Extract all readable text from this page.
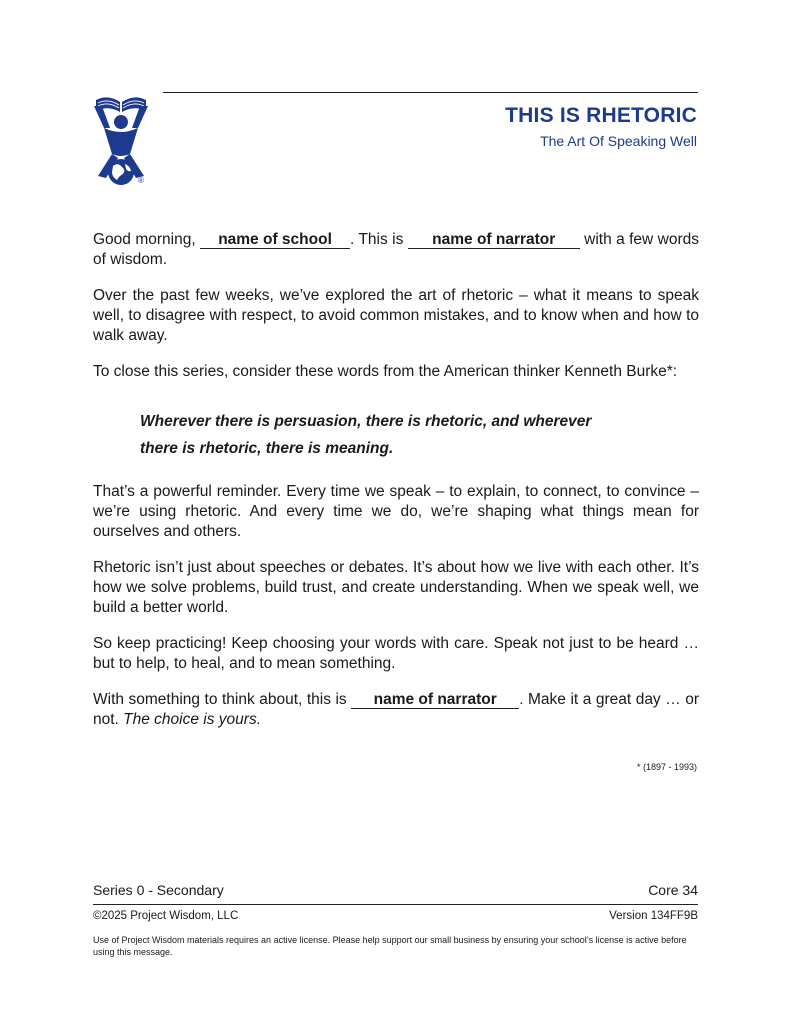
®
THIS IS RHETORIC
The Art Of Speaking Well

Good morning, name of school . This is name of narrator with a few words of wisdom.

Over the past few weeks, we’ve explored the art of rhetoric – what it means to speak well, to disagree with respect, to avoid common mistakes, and to know when and how to walk away.

To close this series, consider these words from the American thinker Kenneth Burke*:

Wherever there is persuasion, there is rhetoric, and wherever
there is rhetoric, there is meaning.

That’s a powerful reminder. Every time we speak – to explain, to connect, to convince – we’re using rhetoric. And every time we do, we’re shaping what things mean for ourselves and others.

Rhetoric isn’t just about speeches or debates. It’s about how we live with each other. It’s how we solve problems, build trust, and create understanding. When we speak well, we build a better world.

So keep practicing! Keep choosing your words with care. Speak not just to be heard … but to help, to heal, and to mean something.

With something to think about, this is name of narrator . Make it a great day … or not. The choice is yours.

* (1897 - 1993)
Series 0 - Secondary	Core 34
©2025 Project Wisdom, LLC	Version 134FF9B
Use of Project Wisdom materials requires an active license. Please help support our small business by ensuring your school’s license is active before using this message.
